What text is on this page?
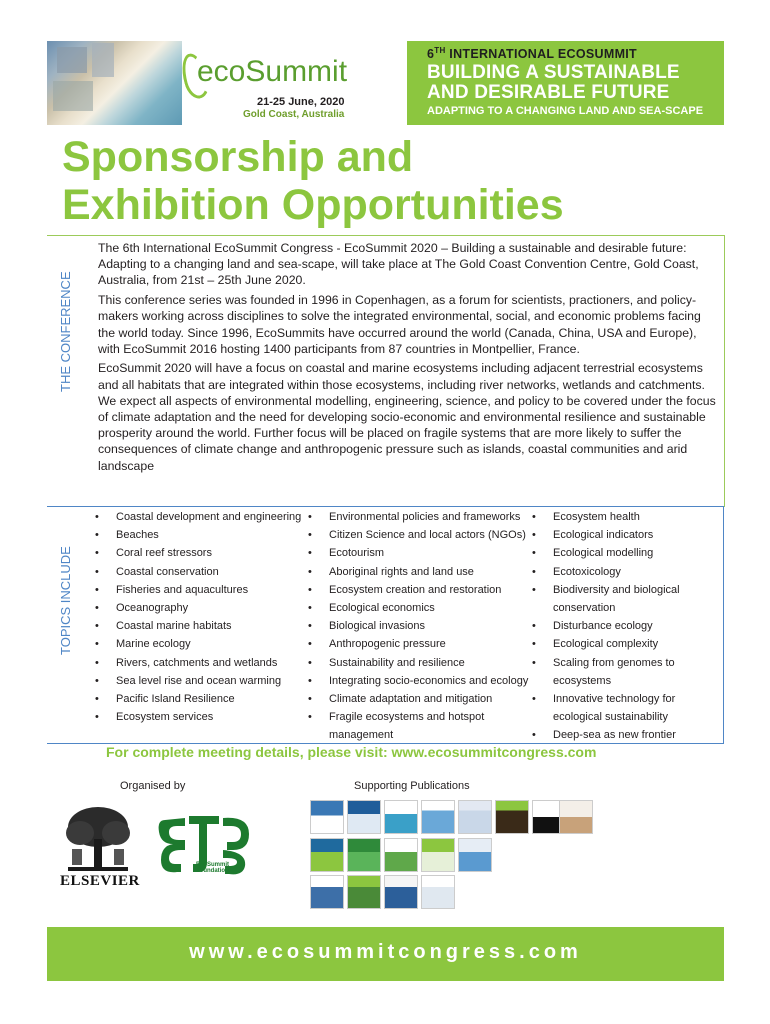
ecoSummit
21-25 June, 2020
Gold Coast, Australia
6TH INTERNATIONAL ECOSUMMIT
BUILDING A SUSTAINABLE
AND DESIRABLE FUTURE
ADAPTING TO A CHANGING LAND AND SEA-SCAPE
Sponsorship and
Exhibition Opportunities
THE CONFERENCE

The 6th International EcoSummit Congress - EcoSummit 2020 – Building a sustainable and desirable future: Adapting to a changing land and sea-scape, will take place at The Gold Coast Convention Centre, Gold Coast, Australia, from 21st – 25th June 2020.

This conference series was founded in 1996 in Copenhagen, as a forum for scientists, practioners, and policy-makers working across disciplines to solve the integrated environmental, social, and economic problems facing the world today. Since 1996, EcoSummits have occurred around the world (Canada, China, USA and Europe), with EcoSummit 2016 hosting 1400 participants from 87 countries in Montpellier, France.

EcoSummit 2020 will have a focus on coastal and marine ecosystems including adjacent terrestrial ecosystems and all habitats that are integrated within those ecosystems, including river networks, wetlands and catchments. We expect all aspects of environmental modelling, engineering, science, and policy to be covered under the focus of climate adaptation and the need for developing socio-economic and environmental resilience and sustainable prosperity around the world. Further focus will be placed on fragile systems that are more likely to suffer the consequences of climate change and anthropogenic pressure such as islands, coastal communities and arid landscape

TOPICS INCLUDE
• Coastal development and engineering
• Beaches
• Coral reef stressors
• Coastal conservation
• Fisheries and aquacultures
• Oceanography
• Coastal marine habitats
• Marine ecology
• Rivers, catchments and wetlands
• Sea level rise and ocean warming
• Pacific Island Resilience
• Ecosystem services
• Environmental policies and frameworks
• Citizen Science and local actors (NGOs)
• Ecotourism
• Aboriginal rights and land use
• Ecosystem creation and restoration
• Ecological economics
• Biological invasions
• Anthropogenic pressure
• Sustainability and resilience
• Integrating socio-economics and ecology
• Climate adaptation and mitigation
• Fragile ecosystems and hotspot
management
• Ecosystem health
• Ecological indicators
• Ecological modelling
• Ecotoxicology
• Biodiversity and biological
conservation
• Disturbance ecology
• Ecological complexity
• Scaling from genomes to
ecosystems
• Innovative technology for
ecological sustainability
• Deep-sea as new frontier
For complete meeting details, please visit: www.ecosummitcongress.com
Organised by	Supporting Publications
ELSEVIER
EcoSummit
Foundation
www.ecosummitcongress.com
